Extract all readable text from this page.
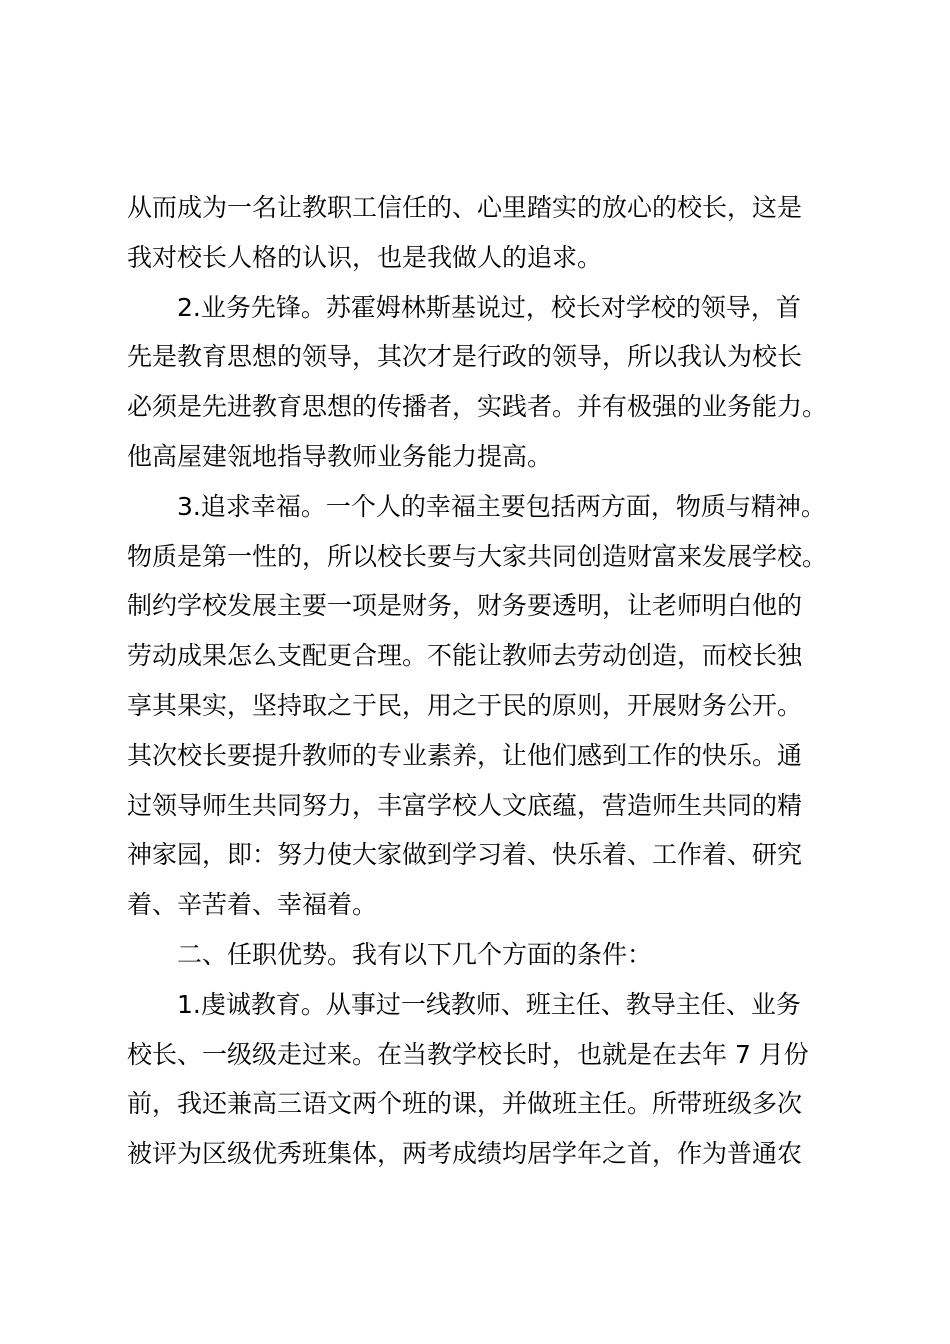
从而成为一名让教职工信任的、心里踏实的放心的校长，这是
我对校长人格的认识，也是我做人的追求。
2.业务先锋。苏霍姆林斯基说过，校长对学校的领导，首
先是教育思想的领导，其次才是行政的领导，所以我认为校长
必须是先进教育思想的传播者，实践者。并有极强的业务能力。
他高屋建瓴地指导教师业务能力提高。
3.追求幸福。一个人的幸福主要包括两方面，物质与精神。
物质是第一性的，所以校长要与大家共同创造财富来发展学校。
制约学校发展主要一项是财务，财务要透明，让老师明白他的
劳动成果怎么支配更合理。不能让教师去劳动创造，而校长独
享其果实，坚持取之于民，用之于民的原则，开展财务公开。
其次校长要提升教师的专业素养，让他们感到工作的快乐。通
过领导师生共同努力，丰富学校人文底蕴，营造师生共同的精
神家园，即：努力使大家做到学习着、快乐着、工作着、研究
着、辛苦着、幸福着。
二、任职优势。我有以下几个方面的条件：
1.虔诚教育。从事过一线教师、班主任、教导主任、业务
校长、一级级走过来。在当教学校长时，也就是在去年 7 月份
前，我还兼高三语文两个班的课，并做班主任。所带班级多次
被评为区级优秀班集体，两考成绩均居学年之首，作为普通农
